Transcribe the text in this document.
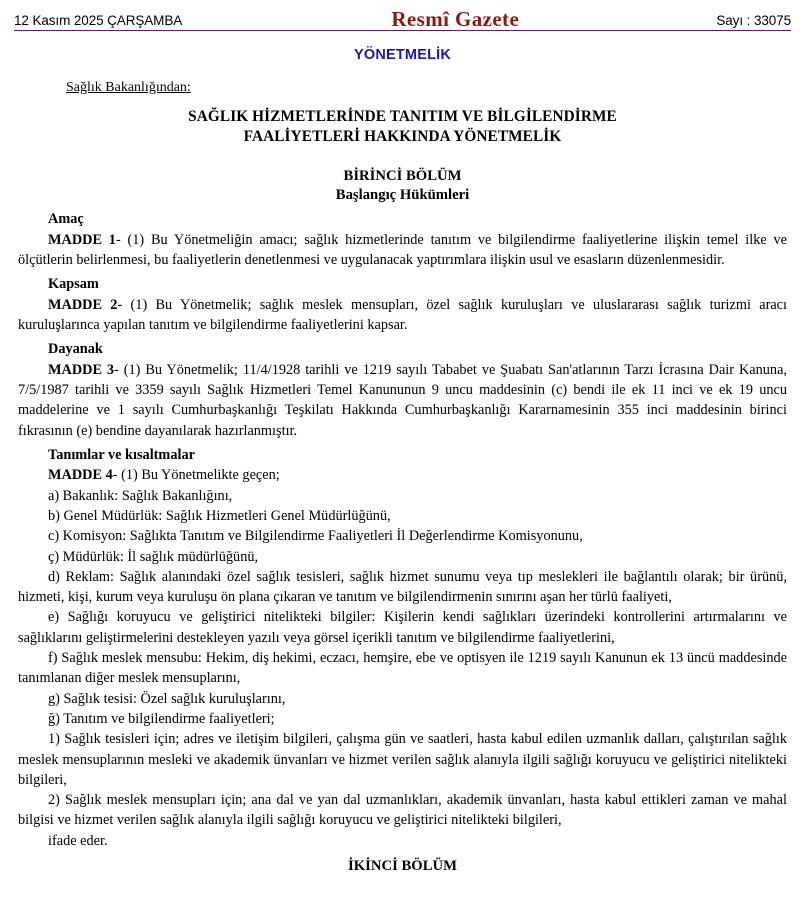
12 Kasım 2025 ÇARŞAMBA	Resmî Gazete	Sayı : 33075
YÖNETMELİK
Sağlık Bakanlığından:
SAĞLIK HİZMETLERİNDE TANITIM VE BİLGİLENDİRME
FAALİYETLERİ HAKKINDA YÖNETMELİK
BİRİNCİ BÖLÜM
Başlangıç Hükümleri
Amaç

MADDE 1- (1) Bu Yönetmeliğin amacı; sağlık hizmetlerinde tanıtım ve bilgilendirme faaliyetlerine ilişkin temel ilke ve ölçütlerin belirlenmesi, bu faaliyetlerin denetlenmesi ve uygulanacak yaptırımlara ilişkin usul ve esasların düzenlenmesidir.

Kapsam

MADDE 2- (1) Bu Yönetmelik; sağlık meslek mensupları, özel sağlık kuruluşları ve uluslararası sağlık turizmi aracı kuruluşlarınca yapılan tanıtım ve bilgilendirme faaliyetlerini kapsar.

Dayanak

MADDE 3- (1) Bu Yönetmelik; 11/4/1928 tarihli ve 1219 sayılı Tababet ve Şuabatı San'atlarının Tarzı İcrasına Dair Kanuna, 7/5/1987 tarihli ve 3359 sayılı Sağlık Hizmetleri Temel Kanununun 9 uncu maddesinin (c) bendi ile ek 11 inci ve ek 19 uncu maddelerine ve 1 sayılı Cumhurbaşkanlığı Teşkilatı Hakkında Cumhurbaşkanlığı Kararnamesinin 355 inci maddesinin birinci fıkrasının (e) bendine dayanılarak hazırlanmıştır.

Tanımlar ve kısaltmalar

MADDE 4- (1) Bu Yönetmelikte geçen;

a) Bakanlık: Sağlık Bakanlığını,

b) Genel Müdürlük: Sağlık Hizmetleri Genel Müdürlüğünü,

c) Komisyon: Sağlıkta Tanıtım ve Bilgilendirme Faaliyetleri İl Değerlendirme Komisyonunu,

ç) Müdürlük: İl sağlık müdürlüğünü,

d) Reklam: Sağlık alanındaki özel sağlık tesisleri, sağlık hizmet sunumu veya tıp meslekleri ile bağlantılı olarak; bir ürünü, hizmeti, kişi, kurum veya kuruluşu ön plana çıkaran ve tanıtım ve bilgilendirmenin sınırını aşan her türlü faaliyeti,

e) Sağlığı koruyucu ve geliştirici nitelikteki bilgiler: Kişilerin kendi sağlıkları üzerindeki kontrollerini artırmalarını ve sağlıklarını geliştirmelerini destekleyen yazılı veya görsel içerikli tanıtım ve bilgilendirme faaliyetlerini,

f) Sağlık meslek mensubu: Hekim, diş hekimi, eczacı, hemşire, ebe ve optisyen ile 1219 sayılı Kanunun ek 13 üncü maddesinde tanımlanan diğer meslek mensuplarını,

g) Sağlık tesisi: Özel sağlık kuruluşlarını,

ğ) Tanıtım ve bilgilendirme faaliyetleri;

1) Sağlık tesisleri için; adres ve iletişim bilgileri, çalışma gün ve saatleri, hasta kabul edilen uzmanlık dalları, çalıştırılan sağlık meslek mensuplarının mesleki ve akademik ünvanları ve hizmet verilen sağlık alanıyla ilgili sağlığı koruyucu ve geliştirici nitelikteki bilgileri,

2) Sağlık meslek mensupları için; ana dal ve yan dal uzmanlıkları, akademik ünvanları, hasta kabul ettikleri zaman ve mahal bilgisi ve hizmet verilen sağlık alanıyla ilgili sağlığı koruyucu ve geliştirici nitelikteki bilgileri,

ifade eder.

İKİNCİ BÖLÜM
